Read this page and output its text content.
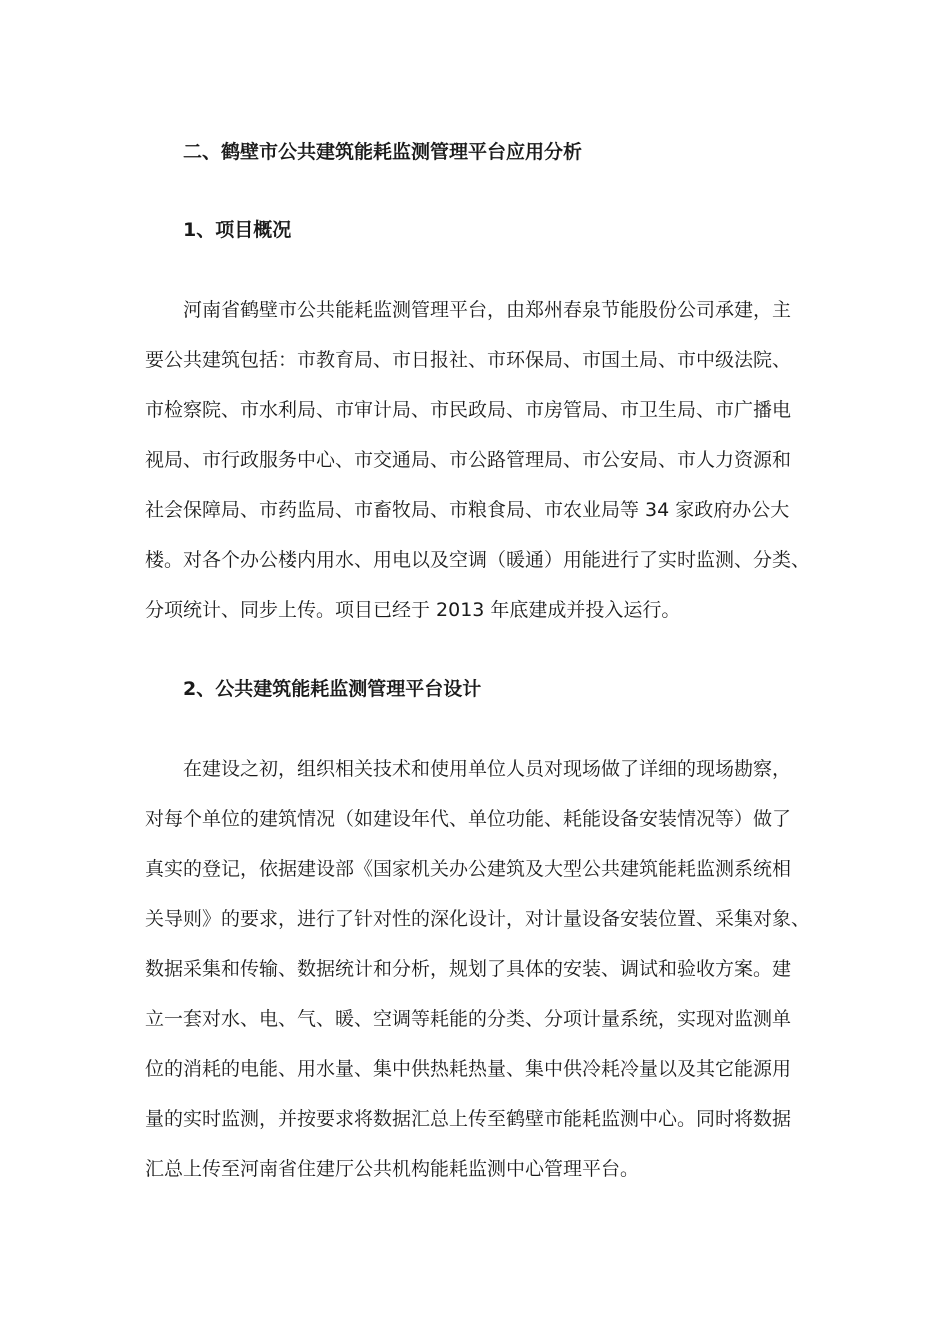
二、鹤壁市公共建筑能耗监测管理平台应用分析
1、项目概况
河南省鹤壁市公共能耗监测管理平台，由郑州春泉节能股份公司承建，主
要公共建筑包括：市教育局、市日报社、市环保局、市国土局、市中级法院、
市检察院、市水利局、市审计局、市民政局、市房管局、市卫生局、市广播电
视局、市行政服务中心、市交通局、市公路管理局、市公安局、市人力资源和
社会保障局、市药监局、市畜牧局、市粮食局、市农业局等 34 家政府办公大
楼。对各个办公楼内用水、用电以及空调（暖通）用能进行了实时监测、分类、
分项统计、同步上传。项目已经于 2013 年底建成并投入运行。
2、公共建筑能耗监测管理平台设计
在建设之初，组织相关技术和使用单位人员对现场做了详细的现场勘察，
对每个单位的建筑情况（如建设年代、单位功能、耗能设备安装情况等）做了
真实的登记，依据建设部《国家机关办公建筑及大型公共建筑能耗监测系统相
关导则》的要求，进行了针对性的深化设计，对计量设备安装位置、采集对象、
数据采集和传输、数据统计和分析，规划了具体的安装、调试和验收方案。建
立一套对水、电、气、暖、空调等耗能的分类、分项计量系统，实现对监测单
位的消耗的电能、用水量、集中供热耗热量、集中供冷耗冷量以及其它能源用
量的实时监测，并按要求将数据汇总上传至鹤壁市能耗监测中心。同时将数据
汇总上传至河南省住建厅公共机构能耗监测中心管理平台。
